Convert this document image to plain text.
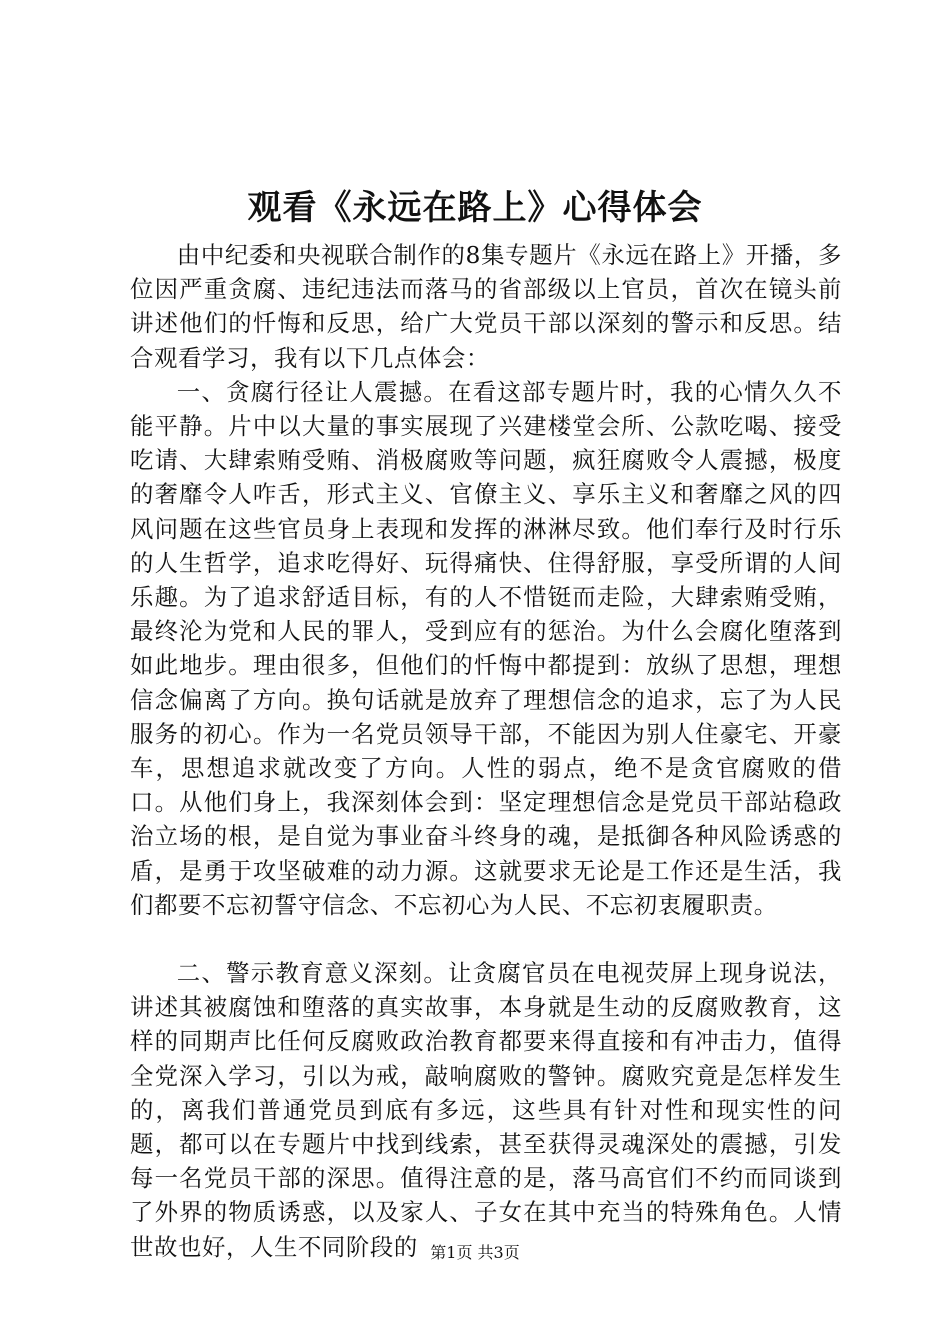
观看《永远在路上》心得体会

由中纪委和央视联合制作的8集专题片《永远在路上》开播，多位因严重贪腐、违纪违法而落马的省部级以上官员，首次在镜头前讲述他们的忏悔和反思，给广大党员干部以深刻的警示和反思。结合观看学习，我有以下几点体会：

一、贪腐行径让人震撼。在看这部专题片时，我的心情久久不能平静。片中以大量的事实展现了兴建楼堂会所、公款吃喝、接受吃请、大肆索贿受贿、消极腐败等问题，疯狂腐败令人震撼，极度的奢靡令人咋舌，形式主义、官僚主义、享乐主义和奢靡之风的四风问题在这些官员身上表现和发挥的淋淋尽致。他们奉行及时行乐的人生哲学，追求吃得好、玩得痛快、住得舒服，享受所谓的人间乐趣。为了追求舒适目标，有的人不惜铤而走险，大肆索贿受贿，最终沦为党和人民的罪人，受到应有的惩治。为什么会腐化堕落到如此地步。理由很多，但他们的忏悔中都提到：放纵了思想，理想信念偏离了方向。换句话就是放弃了理想信念的追求，忘了为人民服务的初心。作为一名党员领导干部，不能因为别人住豪宅、开豪车，思想追求就改变了方向。人性的弱点，绝不是贪官腐败的借口。从他们身上，我深刻体会到：坚定理想信念是党员干部站稳政治立场的根，是自觉为事业奋斗终身的魂，是抵御各种风险诱惑的盾，是勇于攻坚破难的动力源。这就要求无论是工作还是生活，我们都要不忘初誓守信念、不忘初心为人民、不忘初衷履职责。

二、警示教育意义深刻。让贪腐官员在电视荧屏上现身说法，讲述其被腐蚀和堕落的真实故事，本身就是生动的反腐败教育，这样的同期声比任何反腐败政治教育都要来得直接和有冲击力，值得全党深入学习，引以为戒，敲响腐败的警钟。腐败究竟是怎样发生的，离我们普通党员到底有多远，这些具有针对性和现实性的问题，都可以在专题片中找到线索，甚至获得灵魂深处的震撼，引发每一名党员干部的深思。值得注意的是，落马高官们不约而同谈到了外界的物质诱惑，以及家人、子女在其中充当的特殊角色。人情世故也好，人生不同阶段的 第1页 共3页
